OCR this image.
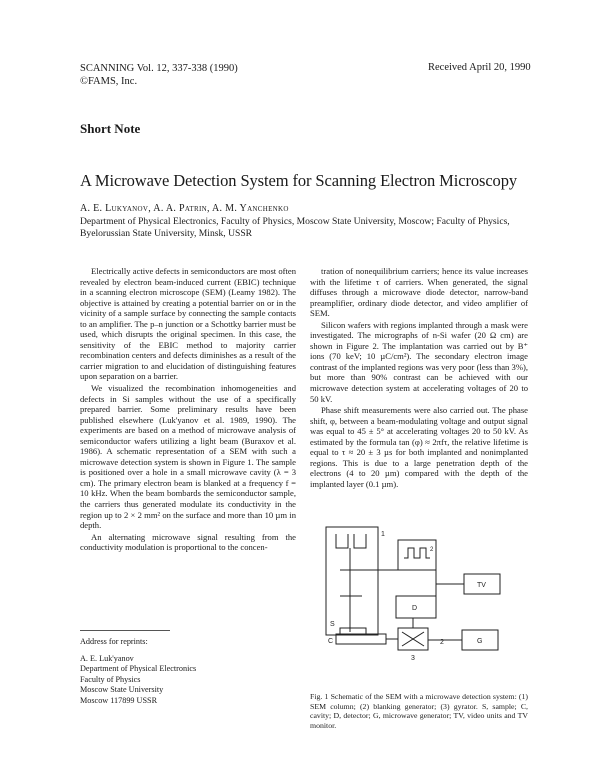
SCANNING Vol. 12, 337-338 (1990)
©FAMS, Inc.
Received April 20, 1990
Short Note
A Microwave Detection System for Scanning Electron Microscopy
A. E. Lukyanov, A. A. Patrin, A. M. Yanchenko
Department of Physical Electronics, Faculty of Physics, Moscow State University, Moscow; Faculty of Physics, Byelorussian State University, Minsk, USSR

Electrically active defects in semiconductors are most often revealed by electron beam-induced current (EBIC) technique in a scanning electron microscope (SEM) (Leamy 1982). The objective is attained by creating a potential barrier on or in the vicinity of a sample surface by connecting the sample contacts to an amplifier. The p–n junction or a Schottky barrier must be used, which disrupts the original specimen. In this case, the sensitivity of the EBIC method to majority carrier recombination centers and defects diminishes as a result of the carrier migration to and elucidation of distinguishing features upon separation on a barrier.

We visualized the recombination inhomogeneities and defects in Si samples without the use of a specifically prepared barrier. Some preliminary results have been published elsewhere (Luk'yanov et al. 1989, 1990). The experiments are based on a method of microwave analysis of semiconductor wafers utilizing a light beam (Buraxov et al. 1986). A schematic representation of a SEM with such a microwave detection system is shown in Figure 1. The sample is positioned over a hole in a small microwave cavity (λ = 3 cm). The primary electron beam is blanked at a frequency f = 10 kHz. When the beam bombards the semiconductor sample, the carriers thus generated modulate its conductivity in the region up to 2 × 2 mm² on the surface and more than 10 µm in depth.

An alternating microwave signal resulting from the conductivity modulation is proportional to the concen-

tration of nonequilibrium carriers; hence its value increases with the lifetime τ of carriers. When generated, the signal diffuses through a microwave diode detector, narrow-band preamplifier, ordinary diode detector, and video amplifier of SEM.

Silicon wafers with regions implanted through a mask were investigated. The micrographs of n-Si wafer (20 Ω cm) are shown in Figure 2. The implantation was carried out by B⁺ ions (70 keV; 10 µC/cm²). The secondary electron image contrast of the implanted regions was very poor (less than 3%), but more than 90% contrast can be achieved with our microwave detection system at accelerating voltages of 20 to 50 kV.

Phase shift measurements were also carried out. The phase shift, φ, between a beam-modulating voltage and output signal was equal to 45 ± 5° at accelerating voltages 20 to 50 kV. As estimated by the formula tan (φ) ≈ 2πfτ, the relative lifetime is equal to τ ≈ 20 ± 3 µs for both implanted and nonimplanted regions. This is due to a large penetration depth of the electrons (4 to 20 µm) compared with the depth of the implanted layer (0.1 µm).

Address for reprints:
A. E. Luk'yanov
Department of Physical Electronics
Faculty of Physics
Moscow State University
Moscow 117899 USSR
1
2
TV
D
G
S
C
3
2
Fig. 1 Schematic of the SEM with a microwave detection system: (1) SEM column; (2) blanking generator; (3) gyrator. S, sample; C, cavity; D, detector; G, microwave generator; TV, video units and TV monitor.
